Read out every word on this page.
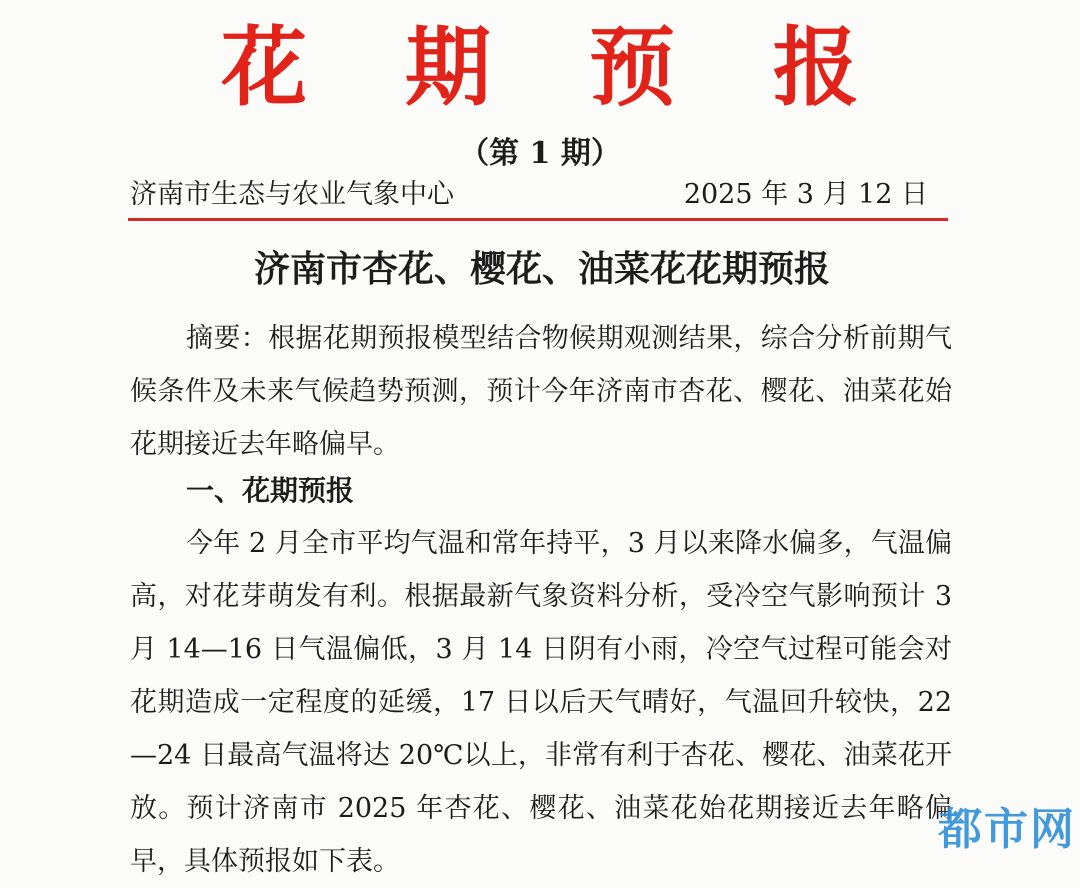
花 期 预 报
（第 1 期）
济南市生态与农业气象中心	2025 年 3 月 12 日
济南市杏花、樱花、油菜花花期预报

摘要：根据花期预报模型结合物候期观测结果，综合分析前期气候条件及未来气候趋势预测，预计今年济南市杏花、樱花、油菜花始花期接近去年略偏早。

一、花期预报

今年 2 月全市平均气温和常年持平，3 月以来降水偏多，气温偏高，对花芽萌发有利。根据最新气象资料分析，受冷空气影响预计 3 月 14—16 日气温偏低，3 月 14 日阴有小雨，冷空气过程可能会对花期造成一定程度的延缓，17 日以后天气晴好，气温回升较快，22—24 日最高气温将达 20℃以上，非常有利于杏花、樱花、油菜花开放。预计济南市 2025 年杏花、樱花、油菜花始花期接近去年略偏早，具体预报如下表。

都市网
